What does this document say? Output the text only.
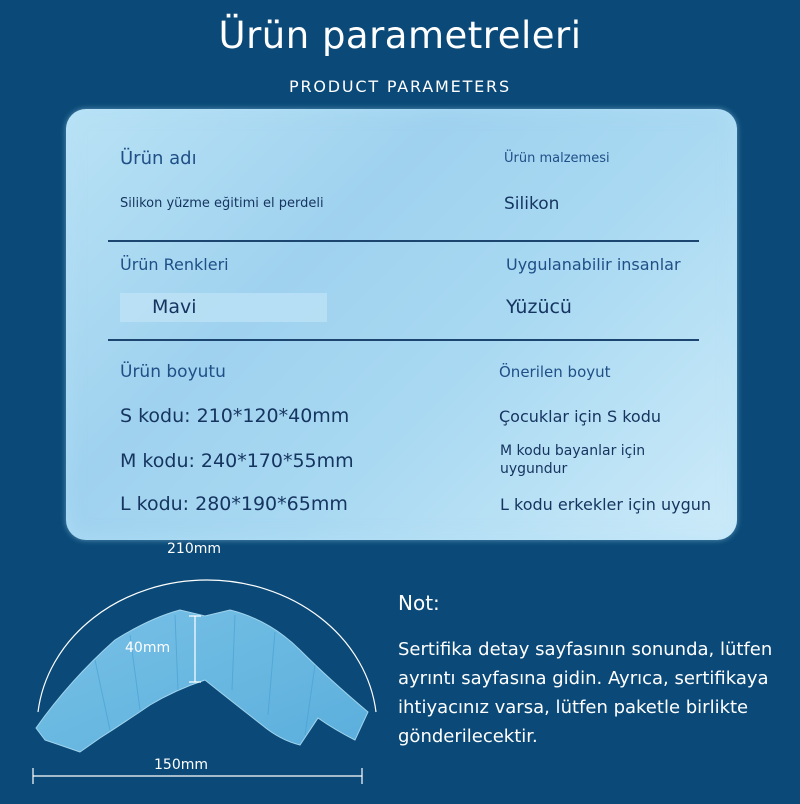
Ürün parametreleri
PRODUCT PARAMETERS
Ürün adı
Silikon yüzme eğitimi el perdeli
Ürün malzemesi
Silikon
Ürün Renkleri
Mavi
Uygulanabilir insanlar
Yüzücü
Ürün boyutu
S kodu: 210*120*40mm
M kodu: 240*170*55mm
L kodu: 280*190*65mm
Önerilen boyut
Çocuklar için S kodu
M kodu bayanlar için
uygundur
L kodu erkekler için uygun
210mm
40mm
150mm
Not:
Sertifika detay sayfasının sonunda, lütfen ayrıntı sayfasına gidin. Ayrıca, sertifikaya ihtiyacınız varsa, lütfen paketle birlikte gönderilecektir.
